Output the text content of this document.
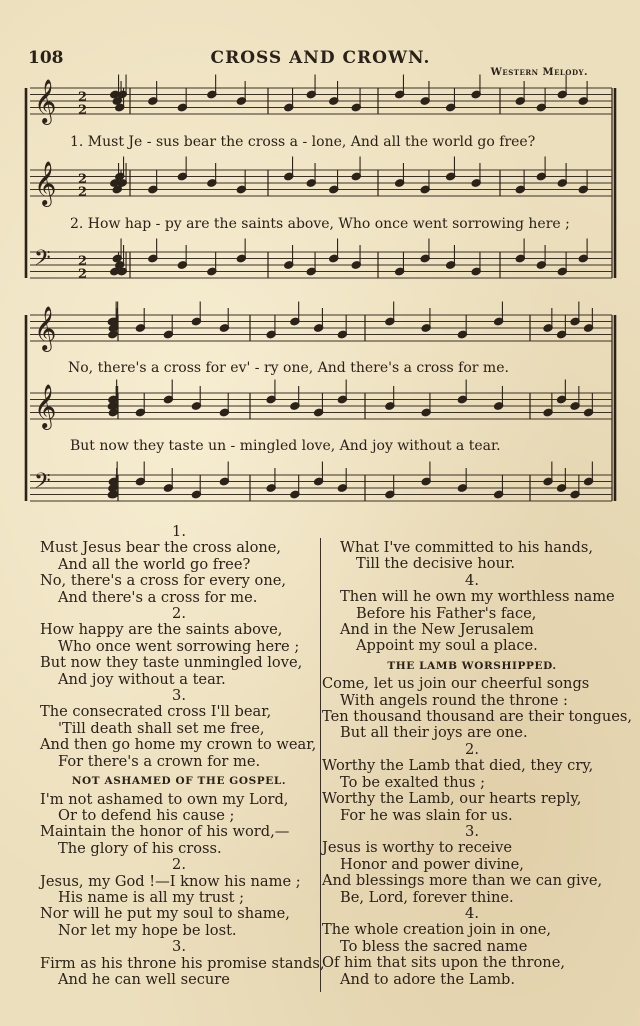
108	CROSS AND CROWN.
Western Melody.
𝄞 2
2
𝄞 2
2
𝄢 2
2
𝄞
𝄞
𝄢
1. Must Je - sus bear the cross a - lone, And all the world go free?
2. How hap - py are the saints above, Who once went sorrowing here ;
No, there's a cross for ev' - ry one, And there's a cross for me.
But now they taste un - mingled love, And joy without a tear.
1.
Must Jesus bear the cross alone,
And all the world go free?
No, there's a cross for every one,
And there's a cross for me.
2.
How happy are the saints above,
Who once went sorrowing here ;
But now they taste unmingled love,
And joy without a tear.
3.
The consecrated cross I'll bear,
'Till death shall set me free,
And then go home my crown to wear,
For there's a crown for me.
NOT ASHAMED OF THE GOSPEL.
I'm not ashamed to own my Lord,
Or to defend his cause ;
Maintain the honor of his word,—
The glory of his cross.
2.
Jesus, my God !—I know his name ;
His name is all my trust ;
Nor will he put my soul to shame,
Nor let my hope be lost.
3.
Firm as his throne his promise stands,
And he can well secure
What I've committed to his hands,
Till the decisive hour.
4.
Then will he own my worthless name
Before his Father's face,
And in the New Jerusalem
Appoint my soul a place.
THE LAMB WORSHIPPED.
Come, let us join our cheerful songs
With angels round the throne :
Ten thousand thousand are their tongues,
But all their joys are one.
2.
Worthy the Lamb that died, they cry,
To be exalted thus ;
Worthy the Lamb, our hearts reply,
For he was slain for us.
3.
Jesus is worthy to receive
Honor and power divine,
And blessings more than we can give,
Be, Lord, forever thine.
4.
The whole creation join in one,
To bless the sacred name
Of him that sits upon the throne,
And to adore the Lamb.
